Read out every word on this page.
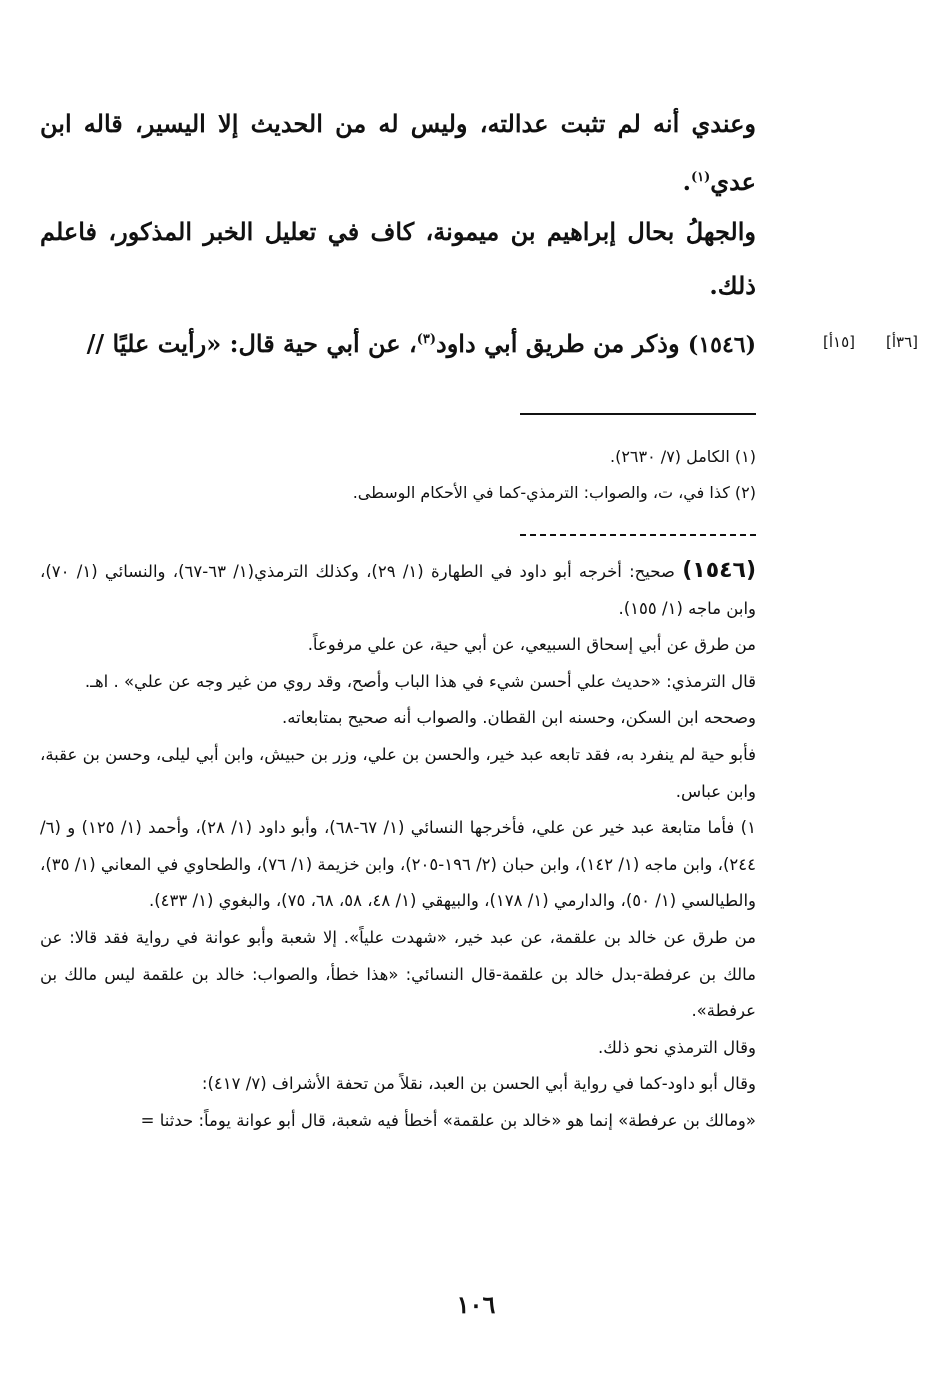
وعندي أنه لم تثبت عدالته، وليس له من الحديث إلا اليسير، قاله ابن عدي$^{(١)}$.

والجهلُ بحال إبراهيم بن ميمونة، كاف في تعليل الخبر المذكور، فاعلم ذلك.

(١٥٤٦) وذكر من طريق أبي داود$^{(٣)}$، عن أبي حية قال: «رأيت عليًا //	[٣٦أ]
[١٥أ]
(١) الكامل (٧/ ٢٦٣٠).
(٢) كذا في، ت، والصواب: الترمذي-كما في الأحكام الوسطى.

(١٥٤٦) صحيح: أخرجه أبو داود في الطهارة (١/ ٢٩)، وكذلك الترمذي(١/ ٦٣-٦٧)، والنسائي (١/ ٧٠)، وابن ماجه (١/ ١٥٥).

من طرق عن أبي إسحاق السبيعي، عن أبي حية، عن علي مرفوعاً.

قال الترمذي: «حديث علي أحسن شيء في هذا الباب وأصح، وقد روي من غير وجه عن علي» . اهـ.

وصححه ابن السكن، وحسنه ابن القطان. والصواب أنه صحيح بمتابعاته.

فأبو حية لم ينفرد به، فقد تابعه عبد خير، والحسن بن علي، وزر بن حبيش، وابن أبي ليلى، وحسن بن عقبة، وابن عباس.

١) فأما متابعة عبد خير عن علي، فأخرجها النسائي (١/ ٦٧-٦٨)، وأبو داود (١/ ٢٨)، وأحمد (١/ ١٢٥) و (٦/ ٢٤٤)، وابن ماجه (١/ ١٤٢)، وابن حبان (٢/ ١٩٦-٢٠٥)، وابن خزيمة (١/ ٧٦)، والطحاوي في المعاني (١/ ٣٥)، والطيالسي (١/ ٥٠)، والدارمي (١/ ١٧٨)، والبيهقي (١/ ٤٨، ٥٨، ٦٨، ٧٥)، والبغوي (١/ ٤٣٣).

من طرق عن خالد بن علقمة، عن عبد خير، «شهدت علياً». إلا شعبة وأبو عوانة في رواية فقد قالا: عن مالك بن عرفطة-بدل خالد بن علقمة-قال النسائي: «هذا خطأ، والصواب: خالد بن علقمة ليس مالك بن عرفطة».

وقال الترمذي نحو ذلك.

وقال أبو داود-كما في رواية أبي الحسن بن العبد، نقلاً من تحفة الأشراف (٧/ ٤١٧):

«ومالك بن عرفطة» إنما هو «خالد بن علقمة» أخطأ فيه شعبة، قال أبو عوانة يوماً: حدثنا =

١٠٦
